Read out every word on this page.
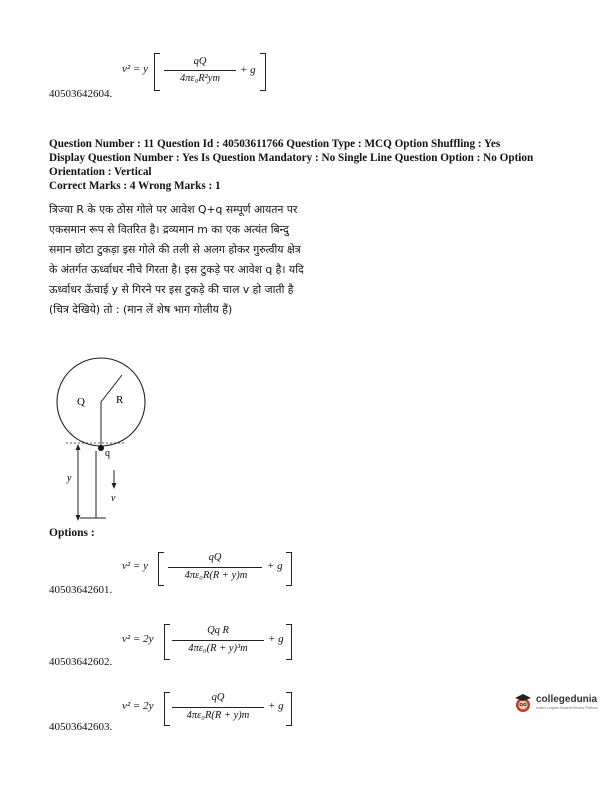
v² = y
qQ
4πε₀R²ym
+ g
40503642604.
Question Number : 11 Question Id : 40503611766 Question Type : MCQ Option Shuffling : Yes
Display Question Number : Yes Is Question Mandatory : No Single Line Question Option : No Option
Orientation : Vertical
Correct Marks : 4 Wrong Marks : 1
त्रिज्या R के एक ठोस गोले पर आवेश Q+q सम्पूर्ण आयतन पर एकसमान रूप से वितरित है। द्रव्यमान m का एक अत्यंत बिन्दु समान छोटा टुकड़ा इस गोले की तली से अलग होकर गुरुत्वीय क्षेत्र के अंतर्गत ऊर्ध्वाधर नीचे गिरता है। इस टुकड़े पर आवेश q है। यदि ऊर्ध्वाधर ऊँचाई y से गिरने पर इस टुकड़े की चाल v हो जाती है (चित्र देखिये) तो : (मान लें शेष भाग गोलीय हैं)
Q	R
q
y
v
Options :
v² = y
qQ
4πε₀R(R + y)m
+ g
40503642601.
v² = 2y
Qq R
4πε₀(R + y)³m
+ g
40503642602.
v² = 2y
qQ
4πε₀R(R + y)m
+ g
40503642603.
collegedunia
India's Largest Student Review Platform
